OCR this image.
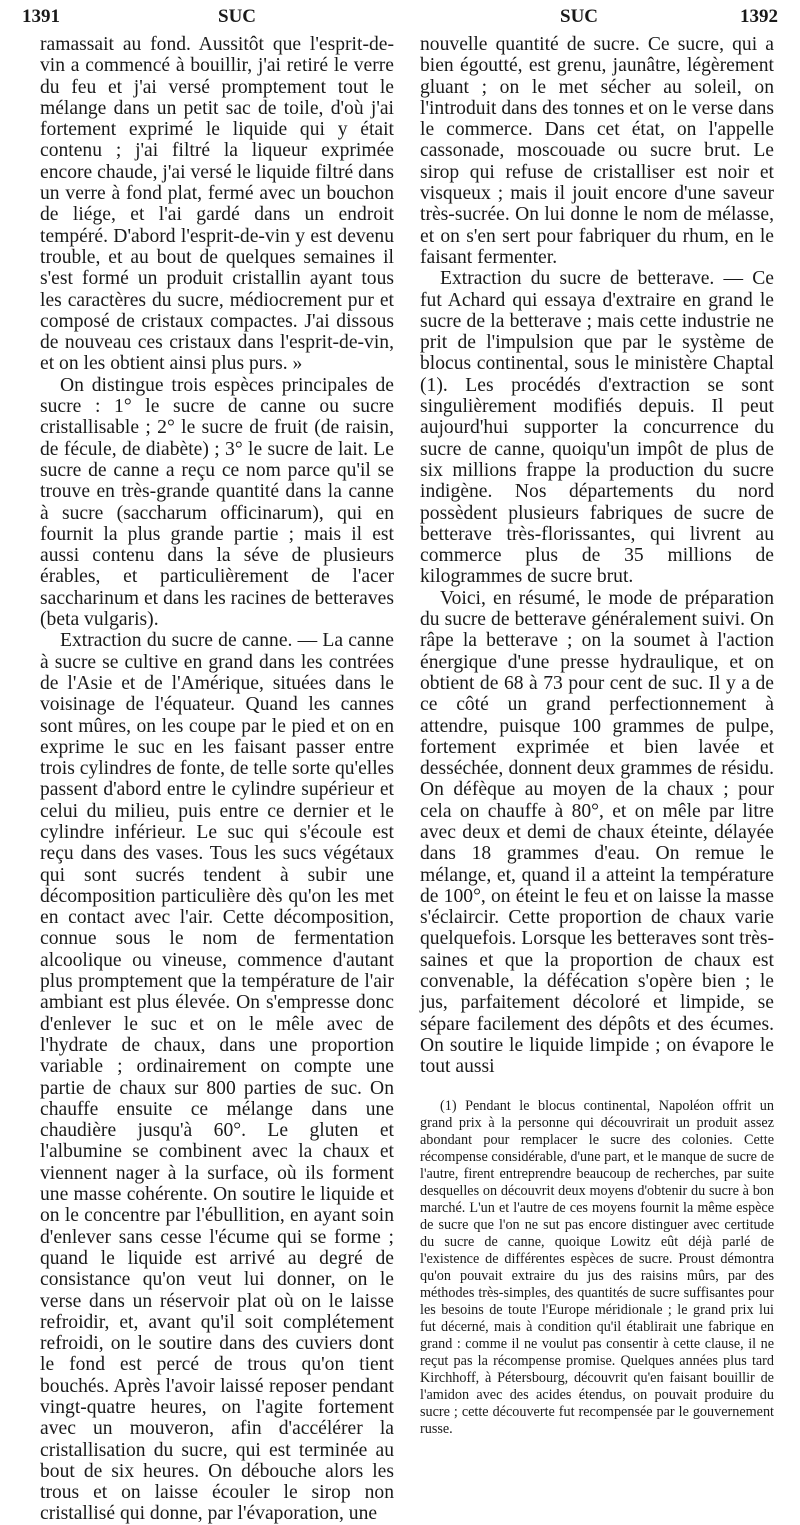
1391	SUC	SUC	1392

ramassait au fond. Aussitôt que l'esprit-de-vin a commencé à bouillir, j'ai retiré le verre du feu et j'ai versé promptement tout le mélange dans un petit sac de toile, d'où j'ai fortement exprimé le liquide qui y était contenu ; j'ai filtré la liqueur exprimée encore chaude, j'ai versé le liquide filtré dans un verre à fond plat, fermé avec un bouchon de liége, et l'ai gardé dans un endroit tempéré. D'abord l'esprit-de-vin y est devenu trouble, et au bout de quelques semaines il s'est formé un produit cristallin ayant tous les caractères du sucre, médiocrement pur et composé de cristaux compactes. J'ai dissous de nouveau ces cristaux dans l'esprit-de-vin, et on les obtient ainsi plus purs. »

On distingue trois espèces principales de sucre : 1° le sucre de canne ou sucre cristallisable ; 2° le sucre de fruit (de raisin, de fécule, de diabète) ; 3° le sucre de lait. Le sucre de canne a reçu ce nom parce qu'il se trouve en très-grande quantité dans la canne à sucre (saccharum officinarum), qui en fournit la plus grande partie ; mais il est aussi contenu dans la séve de plusieurs érables, et particulièrement de l'acer saccharinum et dans les racines de betteraves (beta vulgaris).

Extraction du sucre de canne. — La canne à sucre se cultive en grand dans les contrées de l'Asie et de l'Amérique, situées dans le voisinage de l'équateur. Quand les cannes sont mûres, on les coupe par le pied et on en exprime le suc en les faisant passer entre trois cylindres de fonte, de telle sorte qu'elles passent d'abord entre le cylindre supérieur et celui du milieu, puis entre ce dernier et le cylindre inférieur. Le suc qui s'écoule est reçu dans des vases. Tous les sucs végétaux qui sont sucrés tendent à subir une décomposition particulière dès qu'on les met en contact avec l'air. Cette décomposition, connue sous le nom de fermentation alcoolique ou vineuse, commence d'autant plus promptement que la température de l'air ambiant est plus élevée. On s'empresse donc d'enlever le suc et on le mêle avec de l'hydrate de chaux, dans une proportion variable ; ordinairement on compte une partie de chaux sur 800 parties de suc. On chauffe ensuite ce mélange dans une chaudière jusqu'à 60°. Le gluten et l'albumine se combinent avec la chaux et viennent nager à la surface, où ils forment une masse cohérente. On soutire le liquide et on le concentre par l'ébullition, en ayant soin d'enlever sans cesse l'écume qui se forme ; quand le liquide est arrivé au degré de consistance qu'on veut lui donner, on le verse dans un réservoir plat où on le laisse refroidir, et, avant qu'il soit complétement refroidi, on le soutire dans des cuviers dont le fond est percé de trous qu'on tient bouchés. Après l'avoir laissé reposer pendant vingt-quatre heures, on l'agite fortement avec un mouveron, afin d'accélérer la cristallisation du sucre, qui est terminée au bout de six heures. On débouche alors les trous et on laisse écouler le sirop non cristallisé qui donne, par l'évaporation, une

nouvelle quantité de sucre. Ce sucre, qui a bien égoutté, est grenu, jaunâtre, légèrement gluant ; on le met sécher au soleil, on l'introduit dans des tonnes et on le verse dans le commerce. Dans cet état, on l'appelle cassonade, moscouade ou sucre brut. Le sirop qui refuse de cristalliser est noir et visqueux ; mais il jouit encore d'une saveur très-sucrée. On lui donne le nom de mélasse, et on s'en sert pour fabriquer du rhum, en le faisant fermenter.

Extraction du sucre de betterave. — Ce fut Achard qui essaya d'extraire en grand le sucre de la betterave ; mais cette industrie ne prit de l'impulsion que par le système de blocus continental, sous le ministère Chaptal (1). Les procédés d'extraction se sont singulièrement modifiés depuis. Il peut aujourd'hui supporter la concurrence du sucre de canne, quoiqu'un impôt de plus de six millions frappe la production du sucre indigène. Nos départements du nord possèdent plusieurs fabriques de sucre de betterave très-florissantes, qui livrent au commerce plus de 35 millions de kilogrammes de sucre brut.

Voici, en résumé, le mode de préparation du sucre de betterave généralement suivi. On râpe la betterave ; on la soumet à l'action énergique d'une presse hydraulique, et on obtient de 68 à 73 pour cent de suc. Il y a de ce côté un grand perfectionnement à attendre, puisque 100 grammes de pulpe, fortement exprimée et bien lavée et desséchée, donnent deux grammes de résidu. On défèque au moyen de la chaux ; pour cela on chauffe à 80°, et on mêle par litre avec deux et demi de chaux éteinte, délayée dans 18 grammes d'eau. On remue le mélange, et, quand il a atteint la température de 100°, on éteint le feu et on laisse la masse s'éclaircir. Cette proportion de chaux varie quelquefois. Lorsque les betteraves sont très-saines et que la proportion de chaux est convenable, la défécation s'opère bien ; le jus, parfaitement décoloré et limpide, se sépare facilement des dépôts et des écumes. On soutire le liquide limpide ; on évapore le tout aussi

(1) Pendant le blocus continental, Napoléon offrit un grand prix à la personne qui découvrirait un produit assez abondant pour remplacer le sucre des colonies. Cette récompense considérable, d'une part, et le manque de sucre de l'autre, firent entreprendre beaucoup de recherches, par suite desquelles on découvrit deux moyens d'obtenir du sucre à bon marché. L'un et l'autre de ces moyens fournit la même espèce de sucre que l'on ne sut pas encore distinguer avec certitude du sucre de canne, quoique Lowitz eût déjà parlé de l'existence de différentes espèces de sucre. Proust démontra qu'on pouvait extraire du jus des raisins mûrs, par des méthodes très-simples, des quantités de sucre suffisantes pour les besoins de toute l'Europe méridionale ; le grand prix lui fut décerné, mais à condition qu'il établirait une fabrique en grand : comme il ne voulut pas consentir à cette clause, il ne reçut pas la récompense promise. Quelques années plus tard Kirchhoff, à Pétersbourg, découvrit qu'en faisant bouillir de l'amidon avec des acides étendus, on pouvait produire du sucre ; cette découverte fut recompensée par le gouvernement russe.
